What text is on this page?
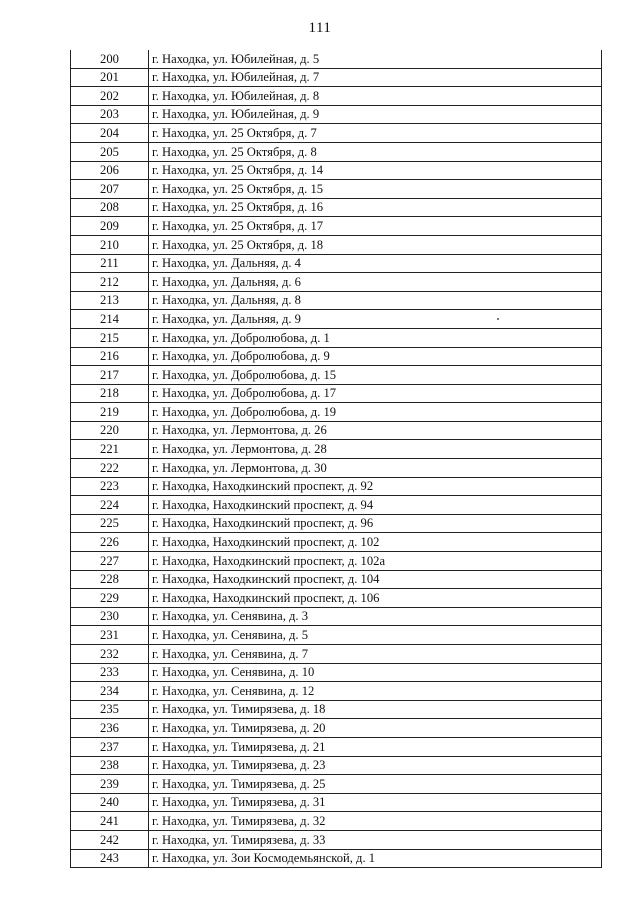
111
200	г. Находка, ул. Юбилейная, д. 5
201	г. Находка, ул. Юбилейная, д. 7
202	г. Находка, ул. Юбилейная, д. 8
203	г. Находка, ул. Юбилейная, д. 9
204	г. Находка, ул. 25 Октября, д. 7
205	г. Находка, ул. 25 Октября, д. 8
206	г. Находка, ул. 25 Октября, д. 14
207	г. Находка, ул. 25 Октября, д. 15
208	г. Находка, ул. 25 Октября, д. 16
209	г. Находка, ул. 25 Октября, д. 17
210	г. Находка, ул. 25 Октября, д. 18
211	г. Находка, ул. Дальняя, д. 4
212	г. Находка, ул. Дальняя, д. 6
213	г. Находка, ул. Дальняя, д. 8
214	г. Находка, ул. Дальняя, д. 9
215	г. Находка, ул. Добролюбова, д. 1
216	г. Находка, ул. Добролюбова, д. 9
217	г. Находка, ул. Добролюбова, д. 15
218	г. Находка, ул. Добролюбова, д. 17
219	г. Находка, ул. Добролюбова, д. 19
220	г. Находка, ул. Лермонтова, д. 26
221	г. Находка, ул. Лермонтова, д. 28
222	г. Находка, ул. Лермонтова, д. 30
223	г. Находка, Находкинский проспект, д. 92
224	г. Находка, Находкинский проспект, д. 94
225	г. Находка, Находкинский проспект, д. 96
226	г. Находка, Находкинский проспект, д. 102
227	г. Находка, Находкинский проспект, д. 102а
228	г. Находка, Находкинский проспект, д. 104
229	г. Находка, Находкинский проспект, д. 106
230	г. Находка, ул. Сенявина, д. 3
231	г. Находка, ул. Сенявина, д. 5
232	г. Находка, ул. Сенявина, д. 7
233	г. Находка, ул. Сенявина, д. 10
234	г. Находка, ул. Сенявина, д. 12
235	г. Находка, ул. Тимирязева, д. 18
236	г. Находка, ул. Тимирязева, д. 20
237	г. Находка, ул. Тимирязева, д. 21
238	г. Находка, ул. Тимирязева, д. 23
239	г. Находка, ул. Тимирязева, д. 25
240	г. Находка, ул. Тимирязева, д. 31
241	г. Находка, ул. Тимирязева, д. 32
242	г. Находка, ул. Тимирязева, д. 33
243	г. Находка, ул. Зои Космодемьянской, д. 1
